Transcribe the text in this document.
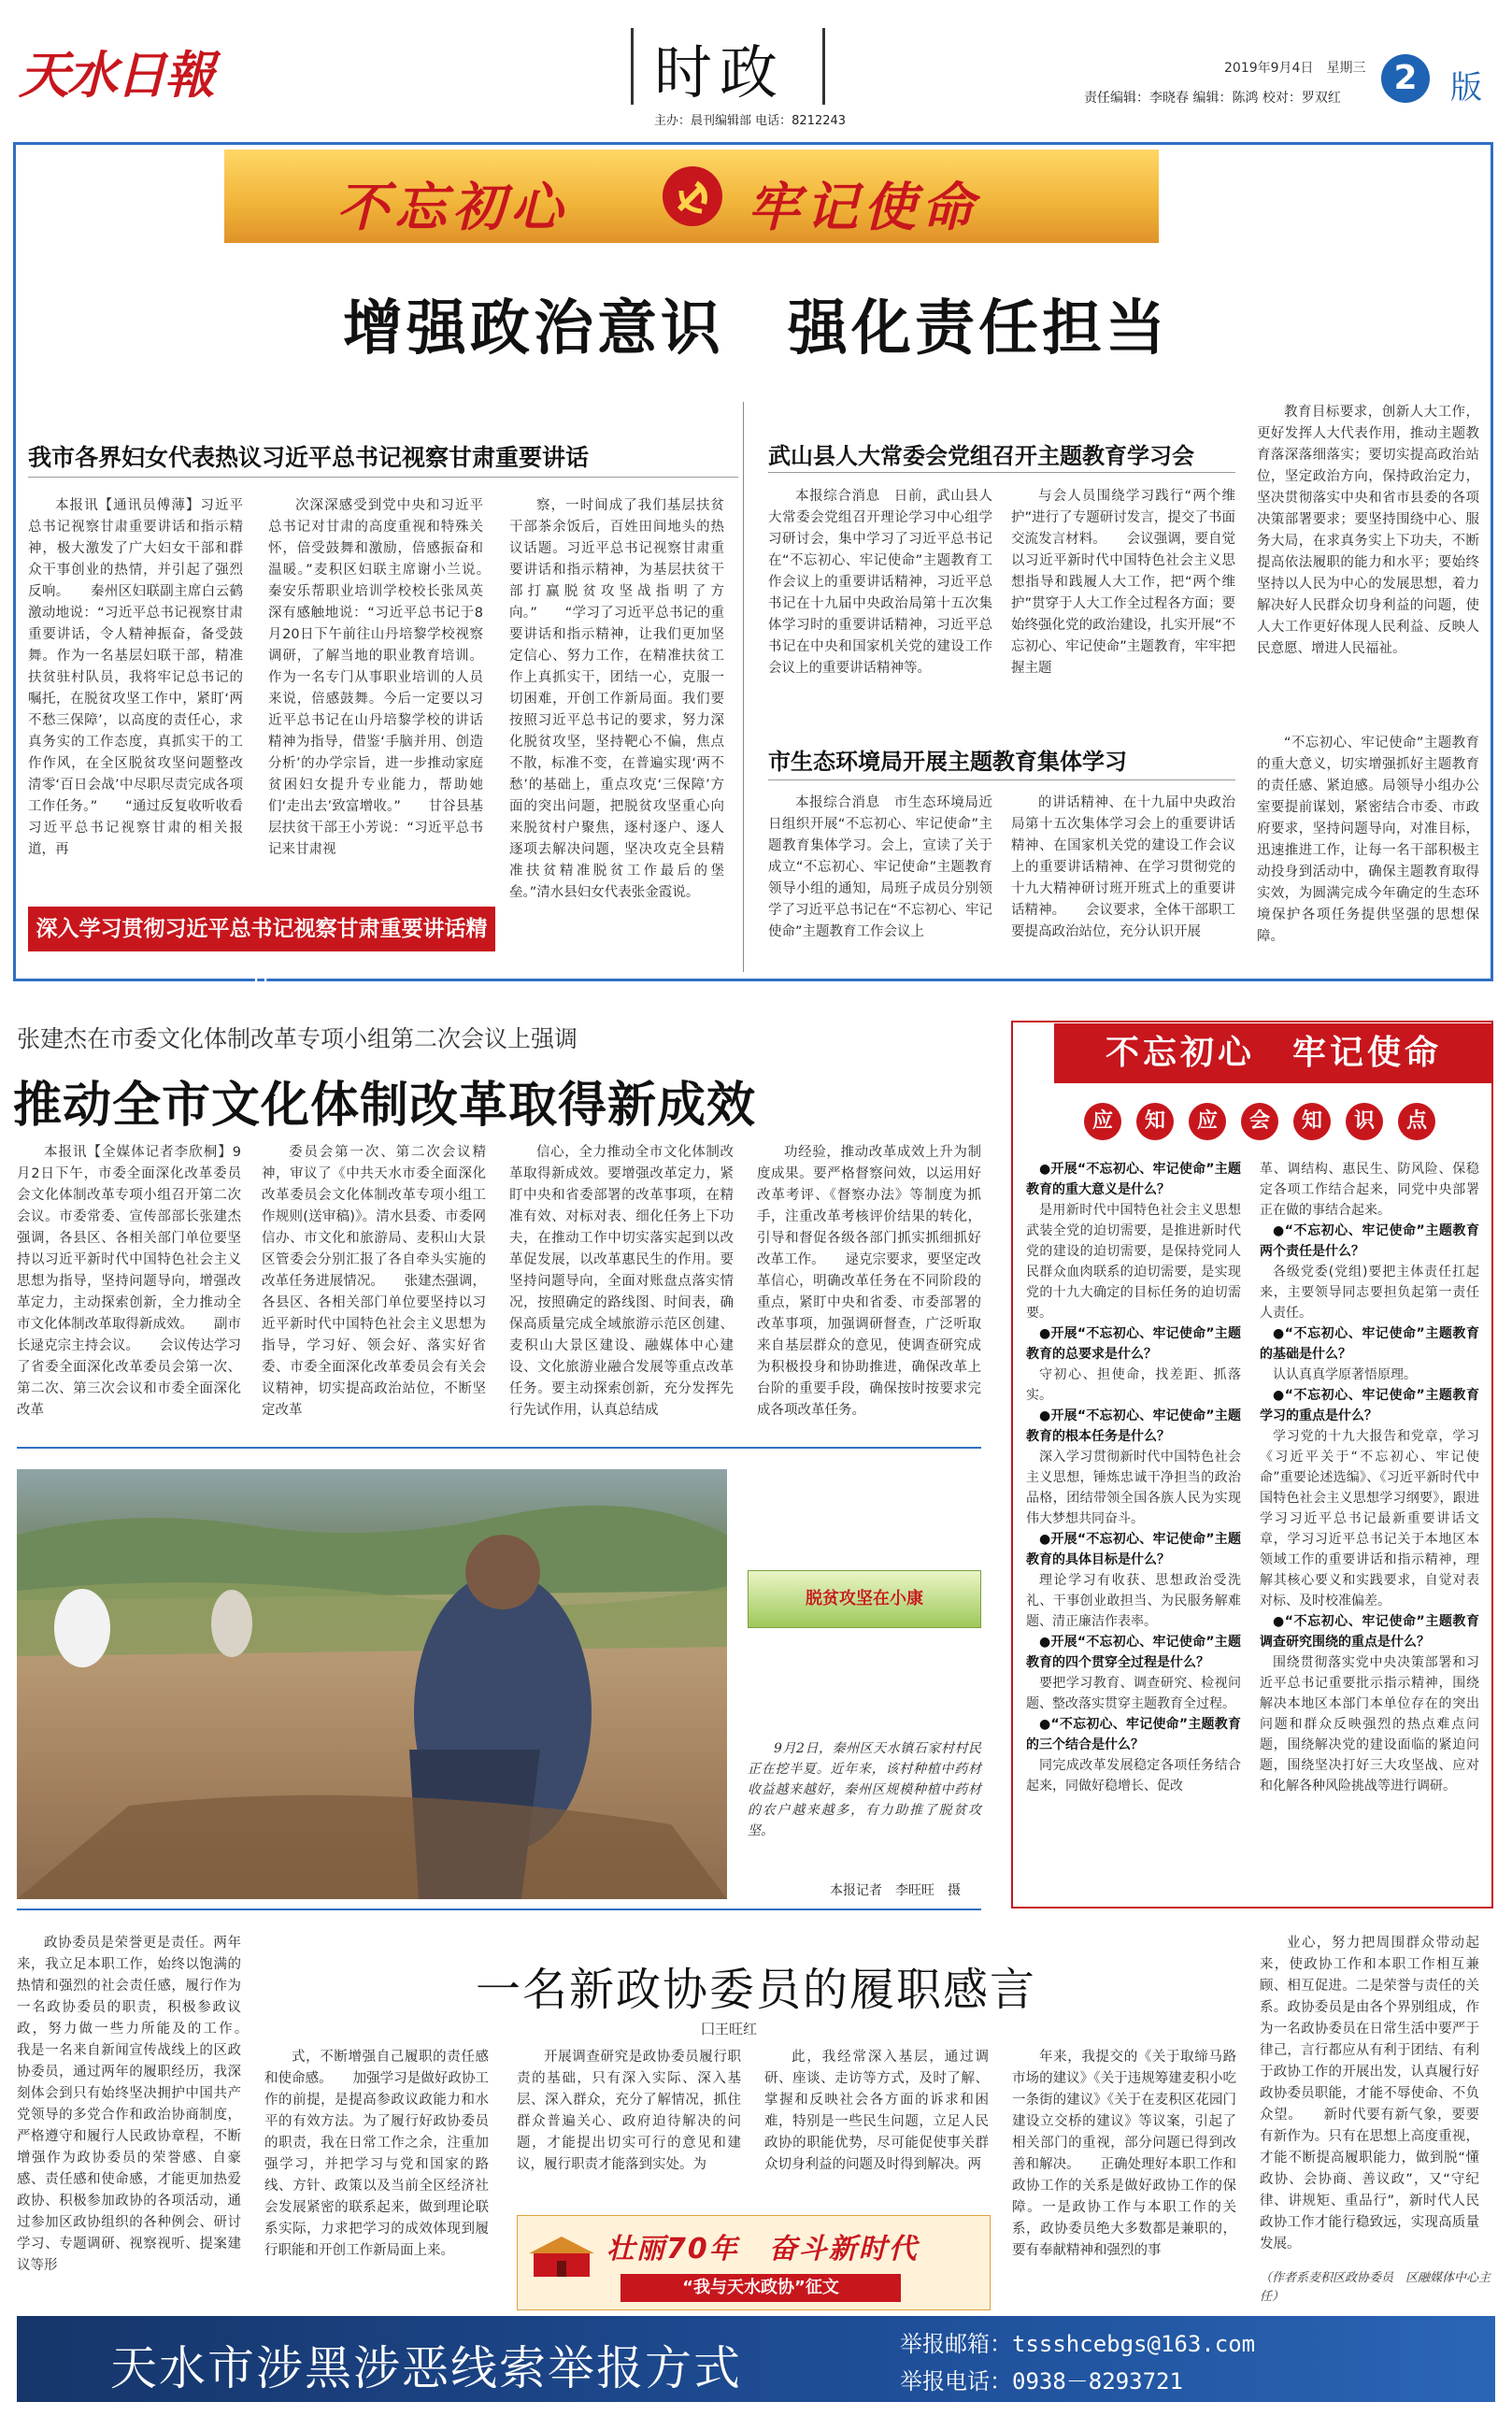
天水日報	时政
主办：晨刊编辑部 电话：8212243
2019年9月4日　 星期三 2	版
责任编辑：李晓春 编辑：陈鸿 校对：罗双红
不忘初心	牢记使命
增强政治意识　强化责任担当
我市各界妇女代表热议习近平总书记视察甘肃重要讲话

本报讯【通讯员傅薄】习近平总书记视察甘肃重要讲话和指示精神，极大激发了广大妇女干部和群众干事创业的热情，并引起了强烈反响。　　秦州区妇联副主席白云鹤激动地说：“习近平总书记视察甘肃重要讲话，令人精神振奋，备受鼓舞。作为一名基层妇联干部，精准扶贫驻村队员，我将牢记总书记的嘱托，在脱贫攻坚工作中，紧盯‘两不愁三保障’，以高度的责任心，求真务实的工作态度，真抓实干的工作作风，在全区脱贫攻坚问题整改清零‘百日会战’中尽职尽责完成各项工作任务。”　　“通过反复收听收看习近平总书记视察甘肃的相关报道，再

次深深感受到党中央和习近平总书记对甘肃的高度重视和特殊关怀，倍受鼓舞和激励，倍感振奋和温暖。”麦积区妇联主席谢小兰说。　　秦安乐帮职业培训学校校长张凤英深有感触地说：“习近平总书记于8月20日下午前往山丹培黎学校视察调研，了解当地的职业教育培训。作为一名专门从事职业培训的人员来说，倍感鼓舞。今后一定要以习近平总书记在山丹培黎学校的讲话精神为指导，借鉴‘手脑并用、创造分析’的办学宗旨，进一步推动家庭贫困妇女提升专业能力，帮助她们‘走出去’致富增收。”　　甘谷县基层扶贫干部王小芳说：“习近平总书记来甘肃视

察，一时间成了我们基层扶贫干部茶余饭后，百姓田间地头的热议话题。习近平总书记视察甘肃重要讲话和指示精神，为基层扶贫干部打赢脱贫攻坚战指明了方向。”　　“学习了习近平总书记的重要讲话和指示精神，让我们更加坚定信心、努力工作，在精准扶贫工作上真抓实干，团结一心，克服一切困难，开创工作新局面。我们要按照习近平总书记的要求，努力深化脱贫攻坚，坚持靶心不偏，焦点不散，标准不变，在普遍实现‘两不愁’的基础上，重点攻克‘三保障’方面的突出问题，把脱贫攻坚重心向来脱贫村户聚焦，逐村逐户、逐人逐项去解决问题，坚决攻克全县精准扶贫精准脱贫工作最后的堡垒。”清水县妇女代表张金霞说。

深入学习贯彻习近平总书记视察甘肃重要讲话精神
武山县人大常委会党组召开主题教育学习会

本报综合消息　日前，武山县人大常委会党组召开理论学习中心组学习研讨会，集中学习了习近平总书记在“不忘初心、牢记使命”主题教育工作会议上的重要讲话精神，习近平总书记在十九届中央政治局第十五次集体学习时的重要讲话精神，习近平总书记在中央和国家机关党的建设工作会议上的重要讲话精神等。

与会人员围绕学习践行“两个维护”进行了专题研讨发言，提交了书面交流发言材料。　　会议强调，要自觉以习近平新时代中国特色社会主义思想指导和践履人大工作，把“两个维护”贯穿于人大工作全过程各方面；要始终强化党的政治建设，扎实开展“不忘初心、牢记使命”主题教育，牢牢把握主题

教育目标要求，创新人大工作，更好发挥人大代表作用，推动主题教育落深落细落实；要切实提高政治站位，坚定政治方向，保持政治定力，坚决贯彻落实中央和省市县委的各项决策部署要求；要坚持围绕中心、服务大局，在求真务实上下功夫，不断提高依法履职的能力和水平；要始终坚持以人民为中心的发展思想，着力解决好人民群众切身利益的问题，使人大工作更好体现人民利益、反映人民意愿、增进人民福祉。

市生态环境局开展主题教育集体学习

本报综合消息　市生态环境局近日组织开展“不忘初心、牢记使命”主题教育集体学习。会上，宣读了关于成立“不忘初心、牢记使命”主题教育领导小组的通知，局班子成员分别领学了习近平总书记在“不忘初心、牢记使命”主题教育工作会议上

的讲话精神、在十九届中央政治局第十五次集体学习会上的重要讲话精神、在国家机关党的建设工作会议上的重要讲话精神、在学习贯彻党的十九大精神研讨班开班式上的重要讲话精神。　　会议要求，全体干部职工要提高政治站位，充分认识开展

“不忘初心、牢记使命”主题教育的重大意义，切实增强抓好主题教育的责任感、紧迫感。局领导小组办公室要提前谋划，紧密结合市委、市政府要求，坚持问题导向，对准目标，迅速推进工作，让每一名干部积极主动投身到活动中，确保主题教育取得实效，为圆满完成今年确定的生态环境保护各项任务提供坚强的思想保障。

张建杰在市委文化体制改革专项小组第二次会议上强调
推动全市文化体制改革取得新成效

本报讯【全媒体记者李欣桐】9月2日下午，市委全面深化改革委员会文化体制改革专项小组召开第二次会议。市委常委、宣传部部长张建杰强调，各县区、各相关部门单位要坚持以习近平新时代中国特色社会主义思想为指导，坚持问题导向，增强改革定力，主动探索创新，全力推动全市文化体制改革取得新成效。　　副市长逯克宗主持会议。　　会议传达学习了省委全面深化改革委员会第一次、第二次、第三次会议和市委全面深化改革

委员会第一次、第二次会议精神，审议了《中共天水市委全面深化改革委员会文化体制改革专项小组工作规则(送审稿)》。清水县委、市委网信办、市文化和旅游局、麦积山大景区管委会分别汇报了各自牵头实施的改革任务进展情况。　　张建杰强调，各县区、各相关部门单位要坚持以习近平新时代中国特色社会主义思想为指导，学习好、领会好、落实好省委、市委全面深化改革委员会有关会议精神，切实提高政治站位，不断坚定改革

信心，全力推动全市文化体制改革取得新成效。要增强改革定力，紧盯中央和省委部署的改革事项，在精准有效、对标对表、细化任务上下功夫，在推动工作中切实落实起到以改革促发展，以改革惠民生的作用。要坚持问题导向，全面对账盘点落实情况，按照确定的路线图、时间表，确保高质量完成全域旅游示范区创建、麦积山大景区建设、融媒体中心建设、文化旅游业融合发展等重点改革任务。要主动探索创新，充分发挥先行先试作用，认真总结成

功经验，推动改革成效上升为制度成果。要严格督察问效，以运用好改革考评、《督察办法》等制度为抓手，注重改革考核评价结果的转化，引导和督促各级各部门抓实抓细抓好改革工作。　　逯克宗要求，要坚定改革信心，明确改革任务在不同阶段的重点，紧盯中央和省委、市委部署的改革事项，加强调研督查，广泛听取来自基层群众的意见，使调查研究成为积极投身和协助推进，确保改革上台阶的重要手段，确保按时按要求完成各项改革任务。

脱贫攻坚在小康

9月2日，秦州区天水镇石家村村民正在挖半夏。近年来，该村种植中药材收益越来越好，秦州区规模种植中药材的农户越来越多，有力助推了脱贫攻坚。

本报记者　李旺旺　摄
不忘初心　牢记使命
应	知	应	会	知	识	点

●开展“不忘初心、牢记使命”主题教育的重大意义是什么？

是用新时代中国特色社会主义思想武装全党的迫切需要，是推进新时代党的建设的迫切需要，是保持党同人民群众血肉联系的迫切需要，是实现党的十九大确定的目标任务的迫切需要。

●开展“不忘初心、牢记使命”主题教育的总要求是什么？

守初心、担使命，找差距、抓落实。

●开展“不忘初心、牢记使命”主题教育的根本任务是什么？

深入学习贯彻新时代中国特色社会主义思想，锤炼忠诚干净担当的政治品格，团结带领全国各族人民为实现伟大梦想共同奋斗。

●开展“不忘初心、牢记使命”主题教育的具体目标是什么？

理论学习有收获、思想政治受洗礼、干事创业敢担当、为民服务解难题、清正廉洁作表率。

●开展“不忘初心、牢记使命”主题教育的四个贯穿全过程是什么？

要把学习教育、调查研究、检视问题、整改落实贯穿主题教育全过程。

●“不忘初心、牢记使命”主题教育的三个结合是什么？

同完成改革发展稳定各项任务结合起来，同做好稳增长、促改

革、调结构、惠民生、防风险、保稳定各项工作结合起来，同党中央部署正在做的事结合起来。

●“不忘初心、牢记使命”主题教育两个责任是什么？

各级党委(党组)要把主体责任扛起来，主要领导同志要担负起第一责任人责任。

●“不忘初心、牢记使命”主题教育的基础是什么？

认认真真学原著悟原理。

●“不忘初心、牢记使命”主题教育学习的重点是什么？

学习党的十九大报告和党章，学习《习近平关于“不忘初心、牢记使命”重要论述选编》、《习近平新时代中国特色社会主义思想学习纲要》，跟进学习习近平总书记最新重要讲话文章，学习习近平总书记关于本地区本领域工作的重要讲话和指示精神，理解其核心要义和实践要求，自觉对表对标、及时校准偏差。

●“不忘初心、牢记使命”主题教育调查研究围绕的重点是什么？

围绕贯彻落实党中央决策部署和习近平总书记重要批示指示精神，围绕解决本地区本部门本单位存在的突出问题和群众反映强烈的热点难点问题，围绕解决党的建设面临的紧迫问题，围绕坚决打好三大攻坚战、应对和化解各种风险挑战等进行调研。

一名新政协委员的履职感言
囗王旺红

政协委员是荣誉更是责任。两年来，我立足本职工作，始终以饱满的热情和强烈的社会责任感，履行作为一名政协委员的职责，积极参政议政，努力做一些力所能及的工作。　　我是一名来自新闻宣传战线上的区政协委员，通过两年的履职经历，我深刻体会到只有始终坚决拥护中国共产党领导的多党合作和政治协商制度，严格遵守和履行人民政协章程，不断增强作为政协委员的荣誉感、自豪感、责任感和使命感，才能更加热爱政协、积极参加政协的各项活动，通过参加区政协组织的各种例会、研讨学习、专题调研、视察视听、提案建议等形

式，不断增强自己履职的责任感和使命感。　　加强学习是做好政协工作的前提，是提高参政议政能力和水平的有效方法。为了履行好政协委员的职责，我在日常工作之余，注重加强学习，并把学习与党和国家的路线、方针、政策以及当前全区经济社会发展紧密的联系起来，做到理论联系实际，力求把学习的成效体现到履行职能和开创工作新局面上来。

开展调查研究是政协委员履行职责的基础，只有深入实际、深入基层、深入群众，充分了解情况，抓住群众普遍关心、政府迫待解决的问题，才能提出切实可行的意见和建议，履行职责才能落到实处。为

此，我经常深入基层，通过调研、座谈、走访等方式，及时了解、掌握和反映社会各方面的诉求和困难，特别是一些民生问题，立足人民政协的职能优势，尽可能促使事关群众切身利益的问题及时得到解决。两

年来，我提交的《关于取缔马路市场的建议》《关于违规筹建麦积小吃一条街的建议》《关于在麦积区花园门建设立交桥的建议》等议案，引起了相关部门的重视，部分问题已得到改善和解决。　　正确处理好本职工作和政协工作的关系是做好政协工作的保障。一是政协工作与本职工作的关系，政协委员绝大多数都是兼职的，要有奉献精神和强烈的事

业心，努力把周围群众带动起来，使政协工作和本职工作相互兼顾、相互促进。二是荣誉与责任的关系。政协委员是由各个界别组成，作为一名政协委员在日常生活中要严于律己，言行都应从有利于团结、有利于政协工作的开展出发，认真履行好政协委员职能，才能不辱使命、不负众望。　　新时代要有新气象，要要有新作为。只有在思想上高度重视，才能不断提高履职能力，做到脱“懂政协、会协商、善议政”，又“守纪律、讲规矩、重品行”，新时代人民政协工作才能行稳致远，实现高质量发展。

（作者系麦积区政协委员　区融媒体中心主任）
壮丽70年　奋斗新时代
“我与天水政协”征文
天水市涉黑涉恶线索举报方式	举报邮箱：tssshcebgs@163.com
举报电话：0938－8293721
